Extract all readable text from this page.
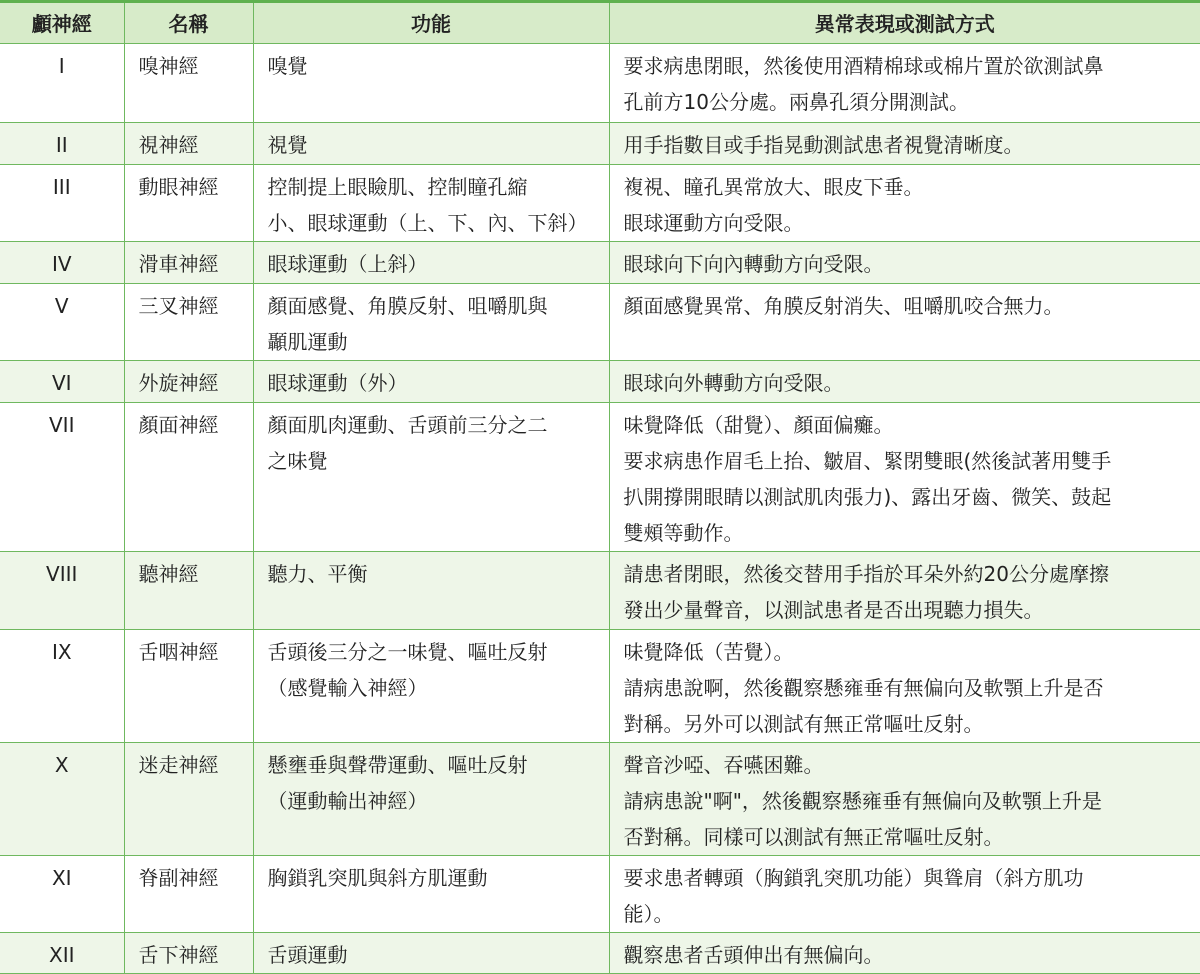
顱神經	名稱	功能	異常表現或測試方式
I	嗅神經	嗅覺	要求病患閉眼，然後使用酒精棉球或棉片置於欲測試鼻
孔前方10公分處。兩鼻孔須分開測試。

II	視神經	視覺	用手指數目或手指晃動測試患者視覺清晰度。

III	動眼神經	控制提上眼瞼肌、控制瞳孔縮
小、眼球運動（上、下、內、下斜）	複視、瞳孔異常放大、眼皮下垂。
眼球運動方向受限。

IV	滑車神經	眼球運動（上斜）	眼球向下向內轉動方向受限。

V	三叉神經	顏面感覺、角膜反射、咀嚼肌與
顳肌運動	顏面感覺異常、角膜反射消失、咀嚼肌咬合無力。

VI	外旋神經	眼球運動（外）	眼球向外轉動方向受限。

VII	顏面神經	顏面肌肉運動、舌頭前三分之二
之味覺	味覺降低（甜覺）、顏面偏癱。
要求病患作眉毛上抬、皺眉、緊閉雙眼(然後試著用雙手
扒開撐開眼睛以測試肌肉張力)、露出牙齒、微笑、鼓起
雙頰等動作。

VIII	聽神經	聽力、平衡	請患者閉眼，然後交替用手指於耳朵外約20公分處摩擦
發出少量聲音，以測試患者是否出現聽力損失。

IX	舌咽神經	舌頭後三分之一味覺、嘔吐反射
（感覺輸入神經）	味覺降低（苦覺）。
請病患說啊，然後觀察懸雍垂有無偏向及軟顎上升是否
對稱。另外可以測試有無正常嘔吐反射。

X	迷走神經	懸壅垂與聲帶運動、嘔吐反射
（運動輸出神經）	聲音沙啞、吞嚥困難。
請病患說"啊"，然後觀察懸雍垂有無偏向及軟顎上升是
否對稱。同樣可以測試有無正常嘔吐反射。

XI	脊副神經	胸鎖乳突肌與斜方肌運動	要求患者轉頭（胸鎖乳突肌功能）與聳肩（斜方肌功
能）。

XII	舌下神經	舌頭運動	觀察患者舌頭伸出有無偏向。
